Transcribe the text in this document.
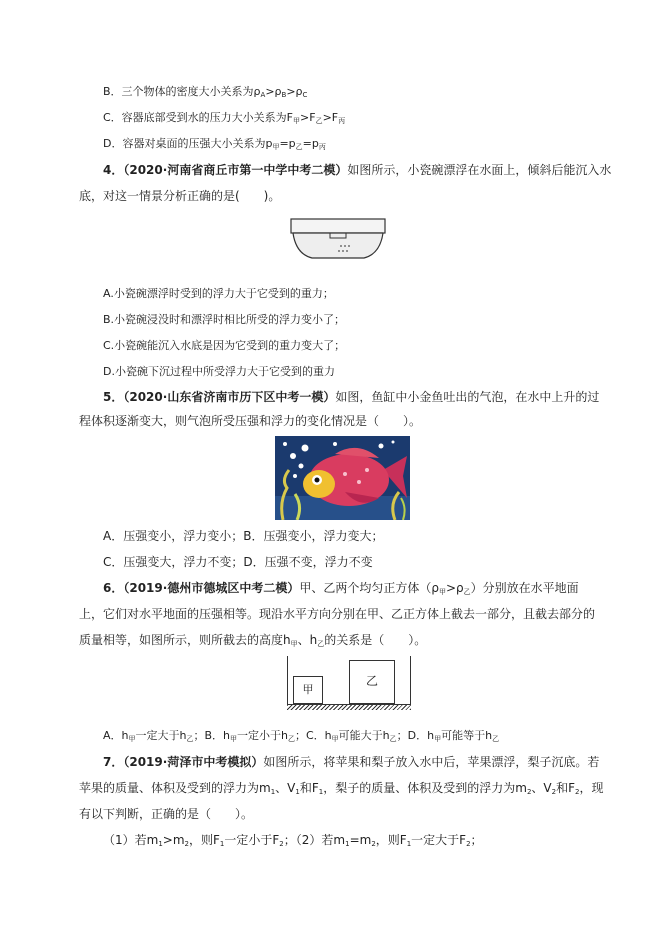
B．三个物体的密度大小关系为$\rho_A>\rho_B>\rho_C$
C．容器底部受到水的压力大小关系为$F_甲>F_乙>F_丙$
D．容器对桌面的压强大小关系为$p_甲=p_乙=p_丙$
4．（2020·河南省商丘市第一中学中考二模）如图所示，小瓷碗漂浮在水面上，倾斜后能沉入水
底，对这一情景分析正确的是(　　)。
A.小瓷碗漂浮时受到的浮力大于它受到的重力；
B.小瓷碗浸没时和漂浮时相比所受的浮力变小了；
C.小瓷碗能沉入水底是因为它受到的重力变大了；
D.小瓷碗下沉过程中所受浮力大于它受到的重力
5．（2020·山东省济南市历下区中考一模）如图，鱼缸中小金鱼吐出的气泡，在水中上升的过
程体积逐渐变大，则气泡所受压强和浮力的变化情况是（　　）。
A．压强变小，浮力变小；B．压强变小，浮力变大；
C．压强变大，浮力不变；D．压强不变，浮力不变
6．（2019·德州市德城区中考二模）甲、乙两个均匀正方体$(\rho_甲>\rho_乙)$分别放在水平地面
上，它们对水平地面的压强相等。现沿水平方向分别在甲、乙正方体上截去一部分，且截去部分的
质量相等，如图所示，则所截去的高度$h_甲$、$h_乙$的关系是（　　）。
甲
乙
A．$h_甲$一定大于$h_乙$；B．$h_甲$一定小于$h_乙$；C．$h_甲$可能大于$h_乙$；D．$h_甲$可能等于$h_乙$
7．（2019·菏泽市中考模拟）如图所示，将苹果和梨子放入水中后，苹果漂浮，梨子沉底。若
苹果的质量、体积及受到的浮力为$m_1$、$V_1$和$F_1$，梨子的质量、体积及受到的浮力为$m_2$、$V_2$和$F_2$，现
有以下判断，正确的是（　　）。
（1）若$m_1>m_2$，则$F_1$一定小于$F_2$；（2）若$m_1=m_2$，则$F_1$一定大于$F_2$；
